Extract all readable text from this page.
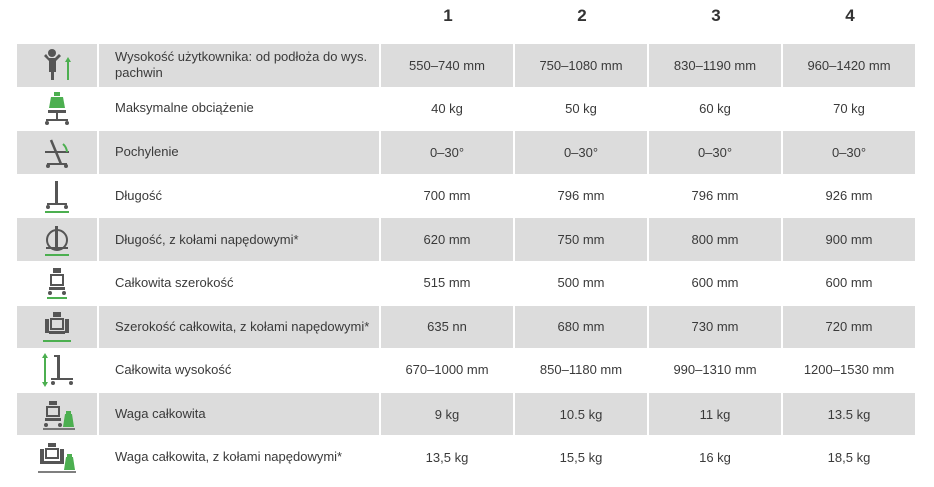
1	2	3	4
Wysokość użytkownika: od podłoża do wys. pachwin	550–740 mm	750–1080 mm	830–1190 mm	960–1420 mm
Maksymalne obciążenie	40 kg	50 kg	60 kg	70 kg
Pochylenie	0–30°	0–30°	0–30°	0–30°
Długość	700 mm	796 mm	796 mm	926 mm
Długość, z kołami napędowymi*	620 mm	750 mm	800 mm	900 mm
Całkowita szerokość	515 mm	500 mm	600 mm	600 mm
Szerokość całkowita, z kołami napędowymi*	635 nn	680 mm	730 mm	720 mm
Całkowita wysokość	670–1000 mm	850–1180 mm	990–1310 mm	1200–1530 mm
Waga całkowita	9 kg	10.5 kg	11 kg	13.5 kg
Waga całkowita, z kołami napędowymi*	13,5 kg	15,5 kg	16 kg	18,5 kg
